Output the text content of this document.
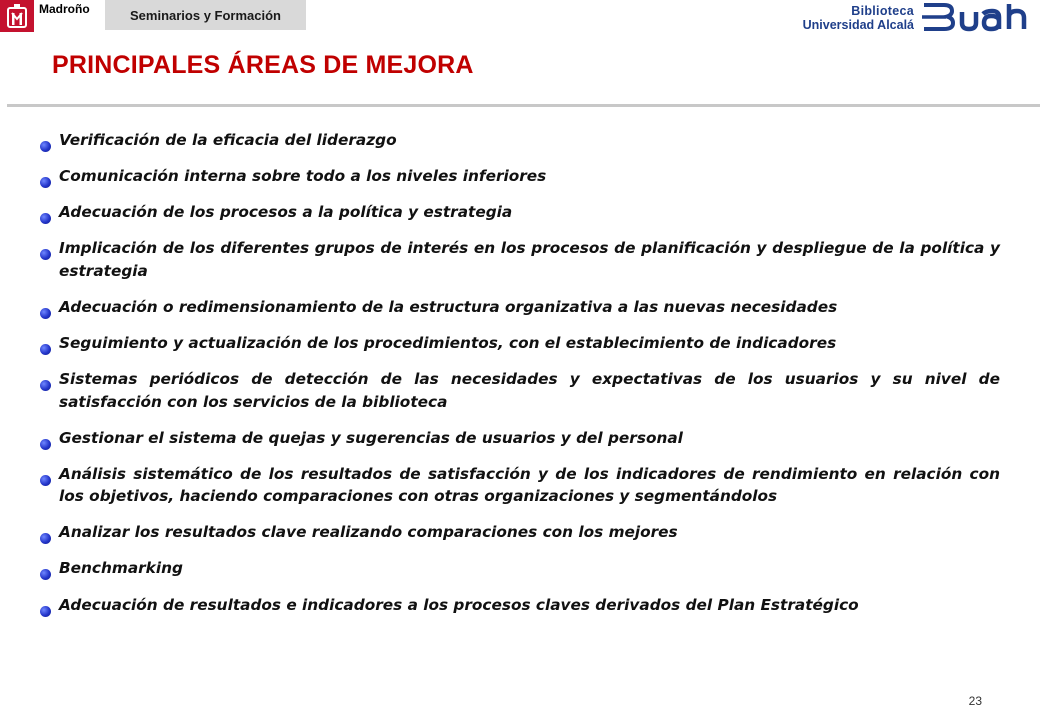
Madroño	Seminarios y Formación	Biblioteca
Universidad Alcalá
PRINCIPALES ÁREAS DE MEJORA
Verificación de la eficacia del liderazgo
Comunicación interna sobre todo a los niveles inferiores
Adecuación de los procesos a la política y estrategia
Implicación de los diferentes grupos de interés en los procesos de planificación y despliegue de la política y estrategia
Adecuación o redimensionamiento de la estructura organizativa a las nuevas necesidades
Seguimiento y actualización de los procedimientos, con el establecimiento de indicadores
Sistemas periódicos de detección de las necesidades y expectativas de los usuarios y su nivel de satisfacción con los servicios de la biblioteca
Gestionar el sistema de quejas y sugerencias de usuarios y del personal
Análisis sistemático de los resultados de satisfacción y de los indicadores de rendimiento en relación con los objetivos, haciendo comparaciones con otras organizaciones y segmentándolos
Analizar los resultados clave realizando comparaciones con los mejores
Benchmarking
Adecuación de resultados e indicadores a los procesos claves derivados del Plan Estratégico
23
